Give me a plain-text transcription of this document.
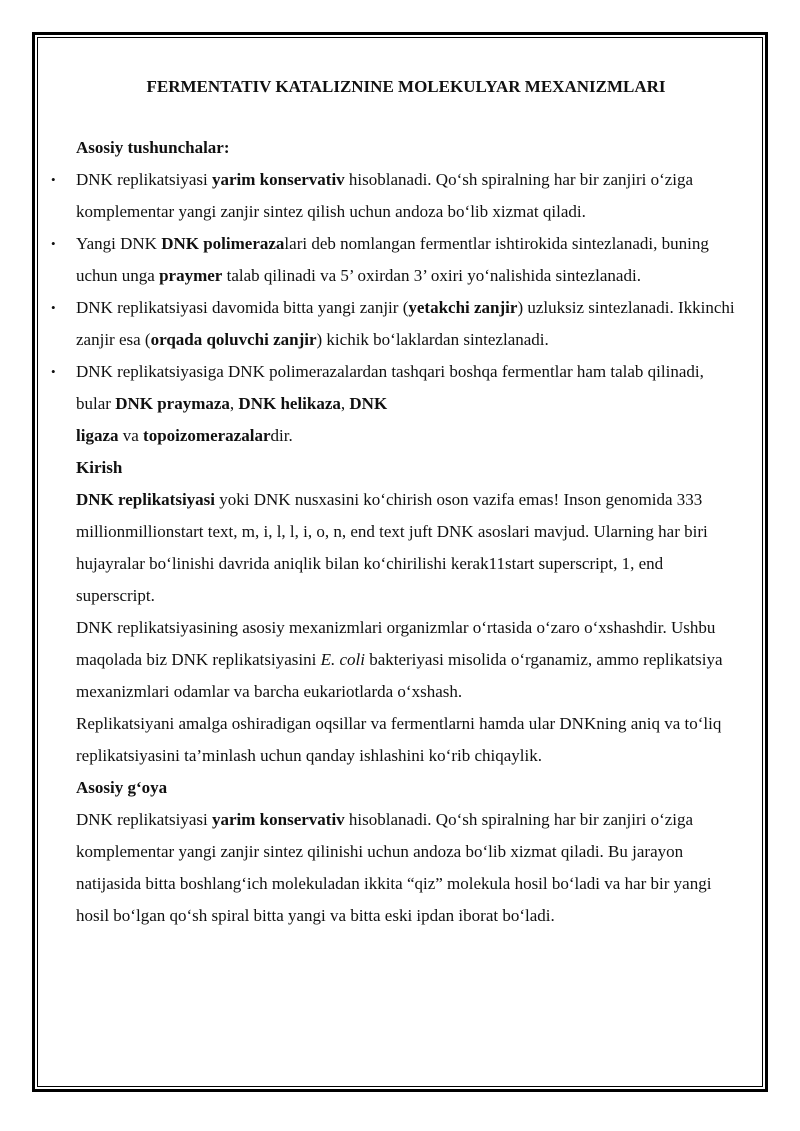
FERMENTATIV KATALIZNINE MOLEKULYAR MEXANIZMLARI

Asosiy tushunchalar:

• DNK replikatsiyasi yarim konservativ hisoblanadi. Qo‘sh spiralning har bir zanjiri o‘ziga komplementar yangi zanjir sintez qilish uchun andoza bo‘lib xizmat qiladi.
• Yangi DNK DNK polimerazalari deb nomlangan fermentlar ishtirokida sintezlanadi, buning uchun unga praymer talab qilinadi va 5’ oxirdan 3’ oxiri yo‘nalishida sintezlanadi.
• DNK replikatsiyasi davomida bitta yangi zanjir (yetakchi zanjir) uzluksiz sintezlanadi. Ikkinchi zanjir esa (orqada qoluvchi zanjir) kichik bo‘laklardan sintezlanadi.
• DNK replikatsiyasiga DNK polimerazalardan tashqari boshqa fermentlar ham talab qilinadi, bular DNK praymaza, DNK helikaza, DNK
ligaza va topoizomerazalardir.

Kirish

DNK replikatsiyasi yoki DNK nusxasini ko‘chirish oson vazifa emas! Inson genomida 333 millionmillionstart text, m, i, l, l, i, o, n, end text juft DNK asoslari mavjud. Ularning har biri hujayralar bo‘linishi davrida aniqlik bilan ko‘chirilishi kerak11start superscript, 1, end superscript.

DNK replikatsiyasining asosiy mexanizmlari organizmlar o‘rtasida o‘zaro o‘xshashdir. Ushbu maqolada biz DNK replikatsiyasini E. coli bakteriyasi misolida o‘rganamiz, ammo replikatsiya mexanizmlari odamlar va barcha eukariotlarda o‘xshash.

Replikatsiyani amalga oshiradigan oqsillar va fermentlarni hamda ular DNKning aniq va to‘liq replikatsiyasini ta’minlash uchun qanday ishlashini ko‘rib chiqaylik.

Asosiy g‘oya

DNK replikatsiyasi yarim konservativ hisoblanadi. Qo‘sh spiralning har bir zanjiri o‘ziga komplementar yangi zanjir sintez qilinishi uchun andoza bo‘lib xizmat qiladi. Bu jarayon natijasida bitta boshlang‘ich molekuladan ikkita “qiz” molekula hosil bo‘ladi va har bir yangi hosil bo‘lgan qo‘sh spiral bitta yangi va bitta eski ipdan iborat bo‘ladi.
